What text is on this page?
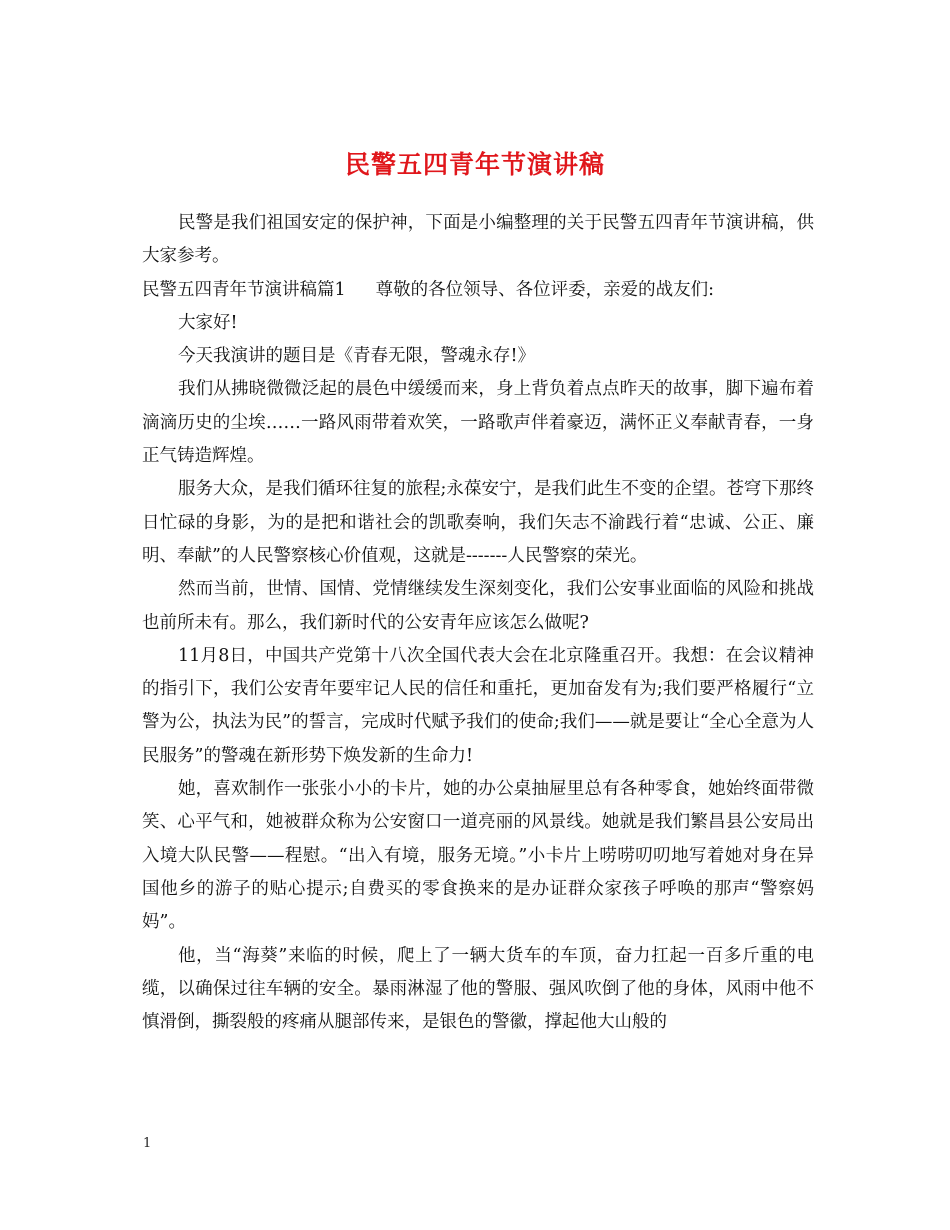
民警五四青年节演讲稿

民警是我们祖国安定的保护神，下面是小编整理的关于民警五四青年节演讲稿，供大家参考。

民警五四青年节演讲稿篇1 尊敬的各位领导、各位评委，亲爱的战友们:

大家好!

今天我演讲的题目是《青春无限，警魂永存!》

我们从拂晓微微泛起的晨色中缓缓而来，身上背负着点点昨天的故事，脚下遍布着滴滴历史的尘埃……一路风雨带着欢笑，一路歌声伴着豪迈，满怀正义奉献青春，一身正气铸造辉煌。

服务大众，是我们循环往复的旅程;永葆安宁，是我们此生不变的企望。苍穹下那终日忙碌的身影，为的是把和谐社会的凯歌奏响，我们矢志不渝践行着“忠诚、公正、廉明、奉献”的人民警察核心价值观，这就是-------人民警察的荣光。

然而当前，世情、国情、党情继续发生深刻变化，我们公安事业面临的风险和挑战也前所未有。那么，我们新时代的公安青年应该怎么做呢?

11月8日，中国共产党第十八次全国代表大会在北京隆重召开。我想：在会议精神的指引下，我们公安青年要牢记人民的信任和重托，更加奋发有为;我们要严格履行“立警为公，执法为民”的誓言，完成时代赋予我们的使命;我们——就是要让“全心全意为人民服务”的警魂在新形势下焕发新的生命力!

她，喜欢制作一张张小小的卡片，她的办公桌抽屉里总有各种零食，她始终面带微笑、心平气和，她被群众称为公安窗口一道亮丽的风景线。她就是我们繁昌县公安局出入境大队民警——程慰。“出入有境，服务无境。”小卡片上唠唠叨叨地写着她对身在异国他乡的游子的贴心提示;自费买的零食换来的是办证群众家孩子呼唤的那声“警察妈妈”。

他，当“海葵”来临的时候，爬上了一辆大货车的车顶，奋力扛起一百多斤重的电缆，以确保过往车辆的安全。暴雨淋湿了他的警服、强风吹倒了他的身体，风雨中他不慎滑倒，撕裂般的疼痛从腿部传来，是银色的警徽，撑起他大山般的

1
